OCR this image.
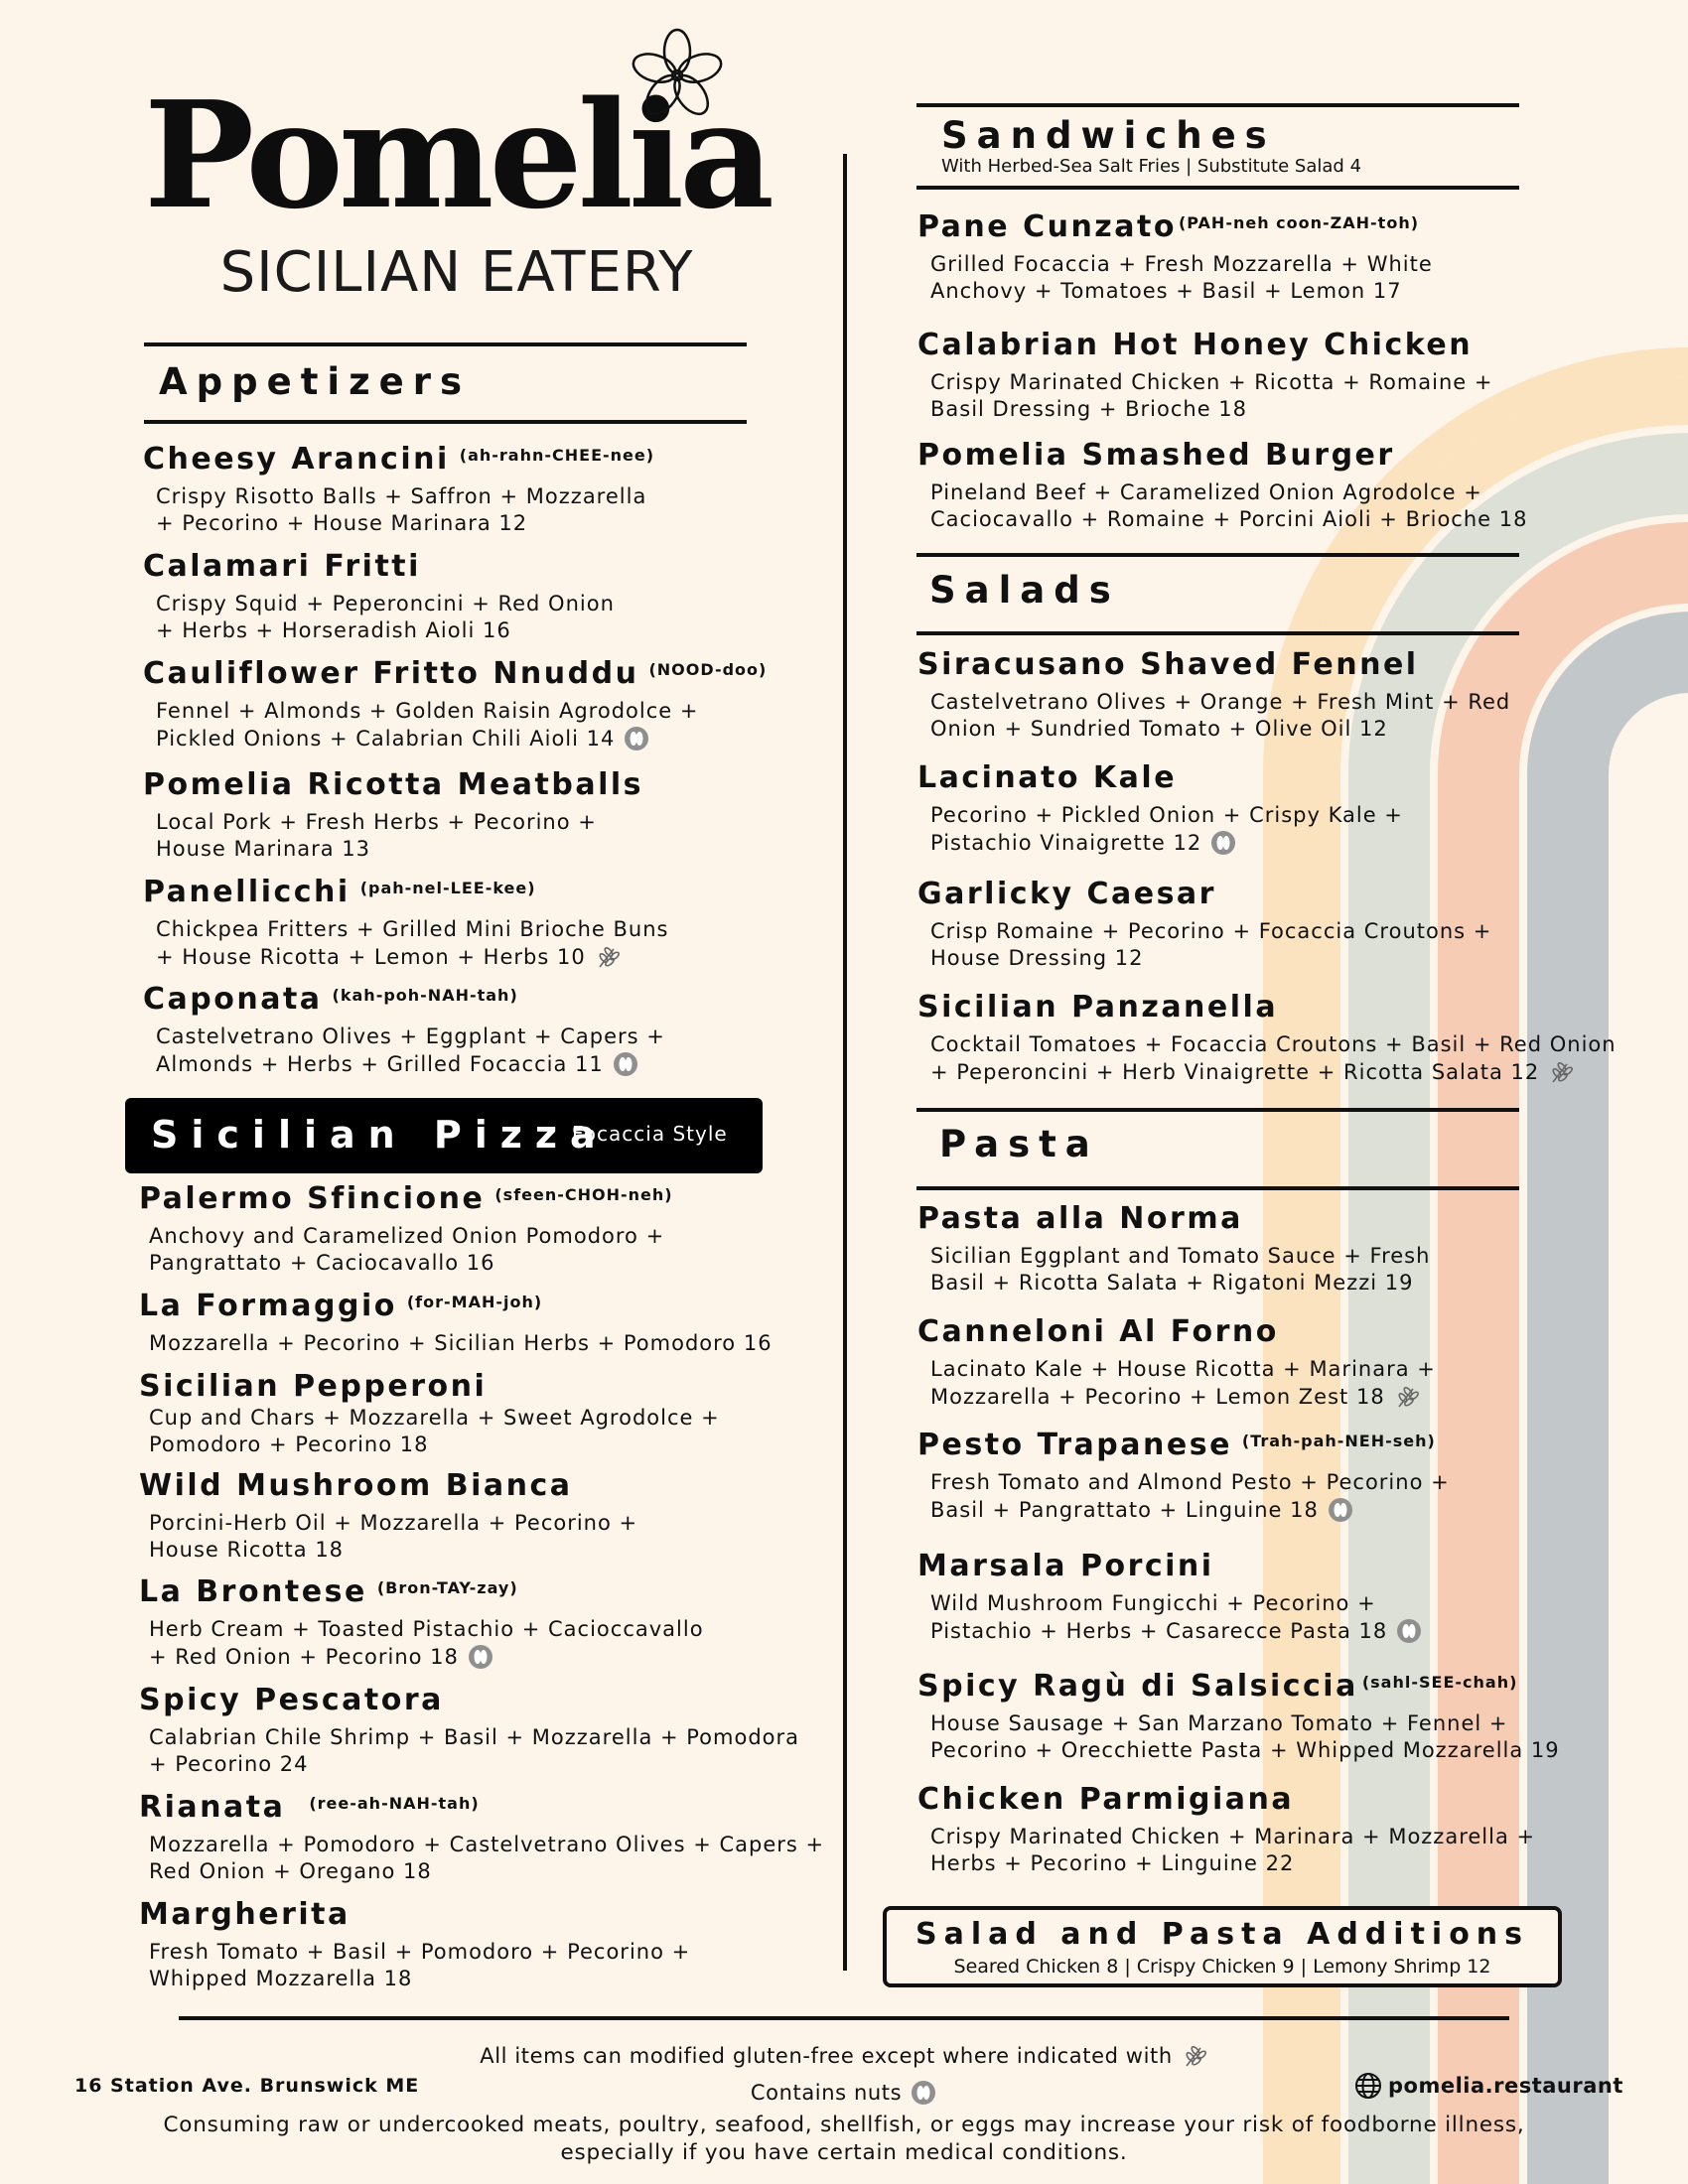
Pomelia
SICILIAN EATERY
Appetizers

Cheesy Arancini $^{(ah-rahn-CHEE-nee)}$

Crispy Risotto Balls + Saffron + Mozzarella
+ Pecorino + House Marinara 12

Calamari Fritti

Crispy Squid + Peperoncini + Red Onion
+ Herbs + Horseradish Aioli 16

Cauliflower Fritto Nnuddu $^{(NOOD-doo)}$

Fennel + Almonds + Golden Raisin Agrodolce +
Pickled Onions + Calabrian Chili Aioli 14

Pomelia Ricotta Meatballs

Local Pork + Fresh Herbs + Pecorino +
House Marinara 13

Panellicchi $^{(pah-nel-LEE-kee)}$

Chickpea Fritters + Grilled Mini Brioche Buns
+ House Ricotta + Lemon + Herbs 10

Caponata $^{(kah-poh-NAH-tah)}$

Castelvetrano Olives + Eggplant + Capers +
Almonds + Herbs + Grilled Focaccia 11

Sicilian Pizza

Focaccia Style

Palermo Sfincione $^{(sfeen-CHOH-neh)}$

Anchovy and Caramelized Onion Pomodoro +
Pangrattato + Caciocavallo 16

La Formaggio $^{(for-MAH-joh)}$

Mozzarella + Pecorino + Sicilian Herbs + Pomodoro 16

Sicilian Pepperoni

Cup and Chars + Mozzarella + Sweet Agrodolce +
Pomodoro + Pecorino 18

Wild Mushroom Bianca

Porcini-Herb Oil + Mozzarella + Pecorino +
House Ricotta 18

La Brontese $^{(Bron-TAY-zay)}$

Herb Cream + Toasted Pistachio + Cacioccavallo
+ Red Onion + Pecorino 18

Spicy Pescatora

Calabrian Chile Shrimp + Basil + Mozzarella + Pomodora
+ Pecorino 24

Rianata $^{(ree-ah-NAH-tah)}$

Mozzarella + Pomodoro + Castelvetrano Olives + Capers +
Red Onion + Oregano 18

Margherita

Fresh Tomato + Basil + Pomodoro + Pecorino +
Whipped Mozzarella 18
Sandwiches
With Herbed-Sea Salt Fries | Substitute Salad 4

Pane Cunzato $^{(PAH-neh coon-ZAH-toh)}$

Grilled Focaccia + Fresh Mozzarella + White
Anchovy + Tomatoes + Basil + Lemon 17

Calabrian Hot Honey Chicken

Crispy Marinated Chicken + Ricotta + Romaine +
Basil Dressing + Brioche 18

Pomelia Smashed Burger

Pineland Beef + Caramelized Onion Agrodolce +
Caciocavallo + Romaine + Porcini Aioli + Brioche 18
Salads

Siracusano Shaved Fennel

Castelvetrano Olives + Orange + Fresh Mint + Red
Onion + Sundried Tomato + Olive Oil 12

Lacinato Kale

Pecorino + Pickled Onion + Crispy Kale +
Pistachio Vinaigrette 12

Garlicky Caesar

Crisp Romaine + Pecorino + Focaccia Croutons +
House Dressing 12

Sicilian Panzanella

Cocktail Tomatoes + Focaccia Croutons + Basil + Red Onion
+ Peperoncini + Herb Vinaigrette + Ricotta Salata 12
Pasta

Pasta alla Norma

Sicilian Eggplant and Tomato Sauce + Fresh
Basil + Ricotta Salata + Rigatoni Mezzi 19

Canneloni Al Forno

Lacinato Kale + House Ricotta + Marinara +
Mozzarella + Pecorino + Lemon Zest 18

Pesto Trapanese $^{(Trah-pah-NEH-seh)}$

Fresh Tomato and Almond Pesto + Pecorino +
Basil + Pangrattato + Linguine 18

Marsala Porcini

Wild Mushroom Fungicchi + Pecorino +
Pistachio + Herbs + Casarecce Pasta 18

Spicy Ragù di Salsiccia $^{(sahl-SEE-chah)}$

House Sausage + San Marzano Tomato + Fennel +
Pecorino + Orecchiette Pasta + Whipped Mozzarella 19

Chicken Parmigiana

Crispy Marinated Chicken + Marinara + Mozzarella +
Herbs + Pecorino + Linguine 22

Salad and Pasta Additions

Seared Chicken 8 | Crispy Chicken 9 | Lemony Shrimp 12
All items can modified gluten-free except where indicated with
Contains nuts
16 Station Ave. Brunswick ME	pomelia.restaurant
Consuming raw or undercooked meats, poultry, seafood, shellfish, or eggs may increase your risk of foodborne illness,
especially if you have certain medical conditions.
